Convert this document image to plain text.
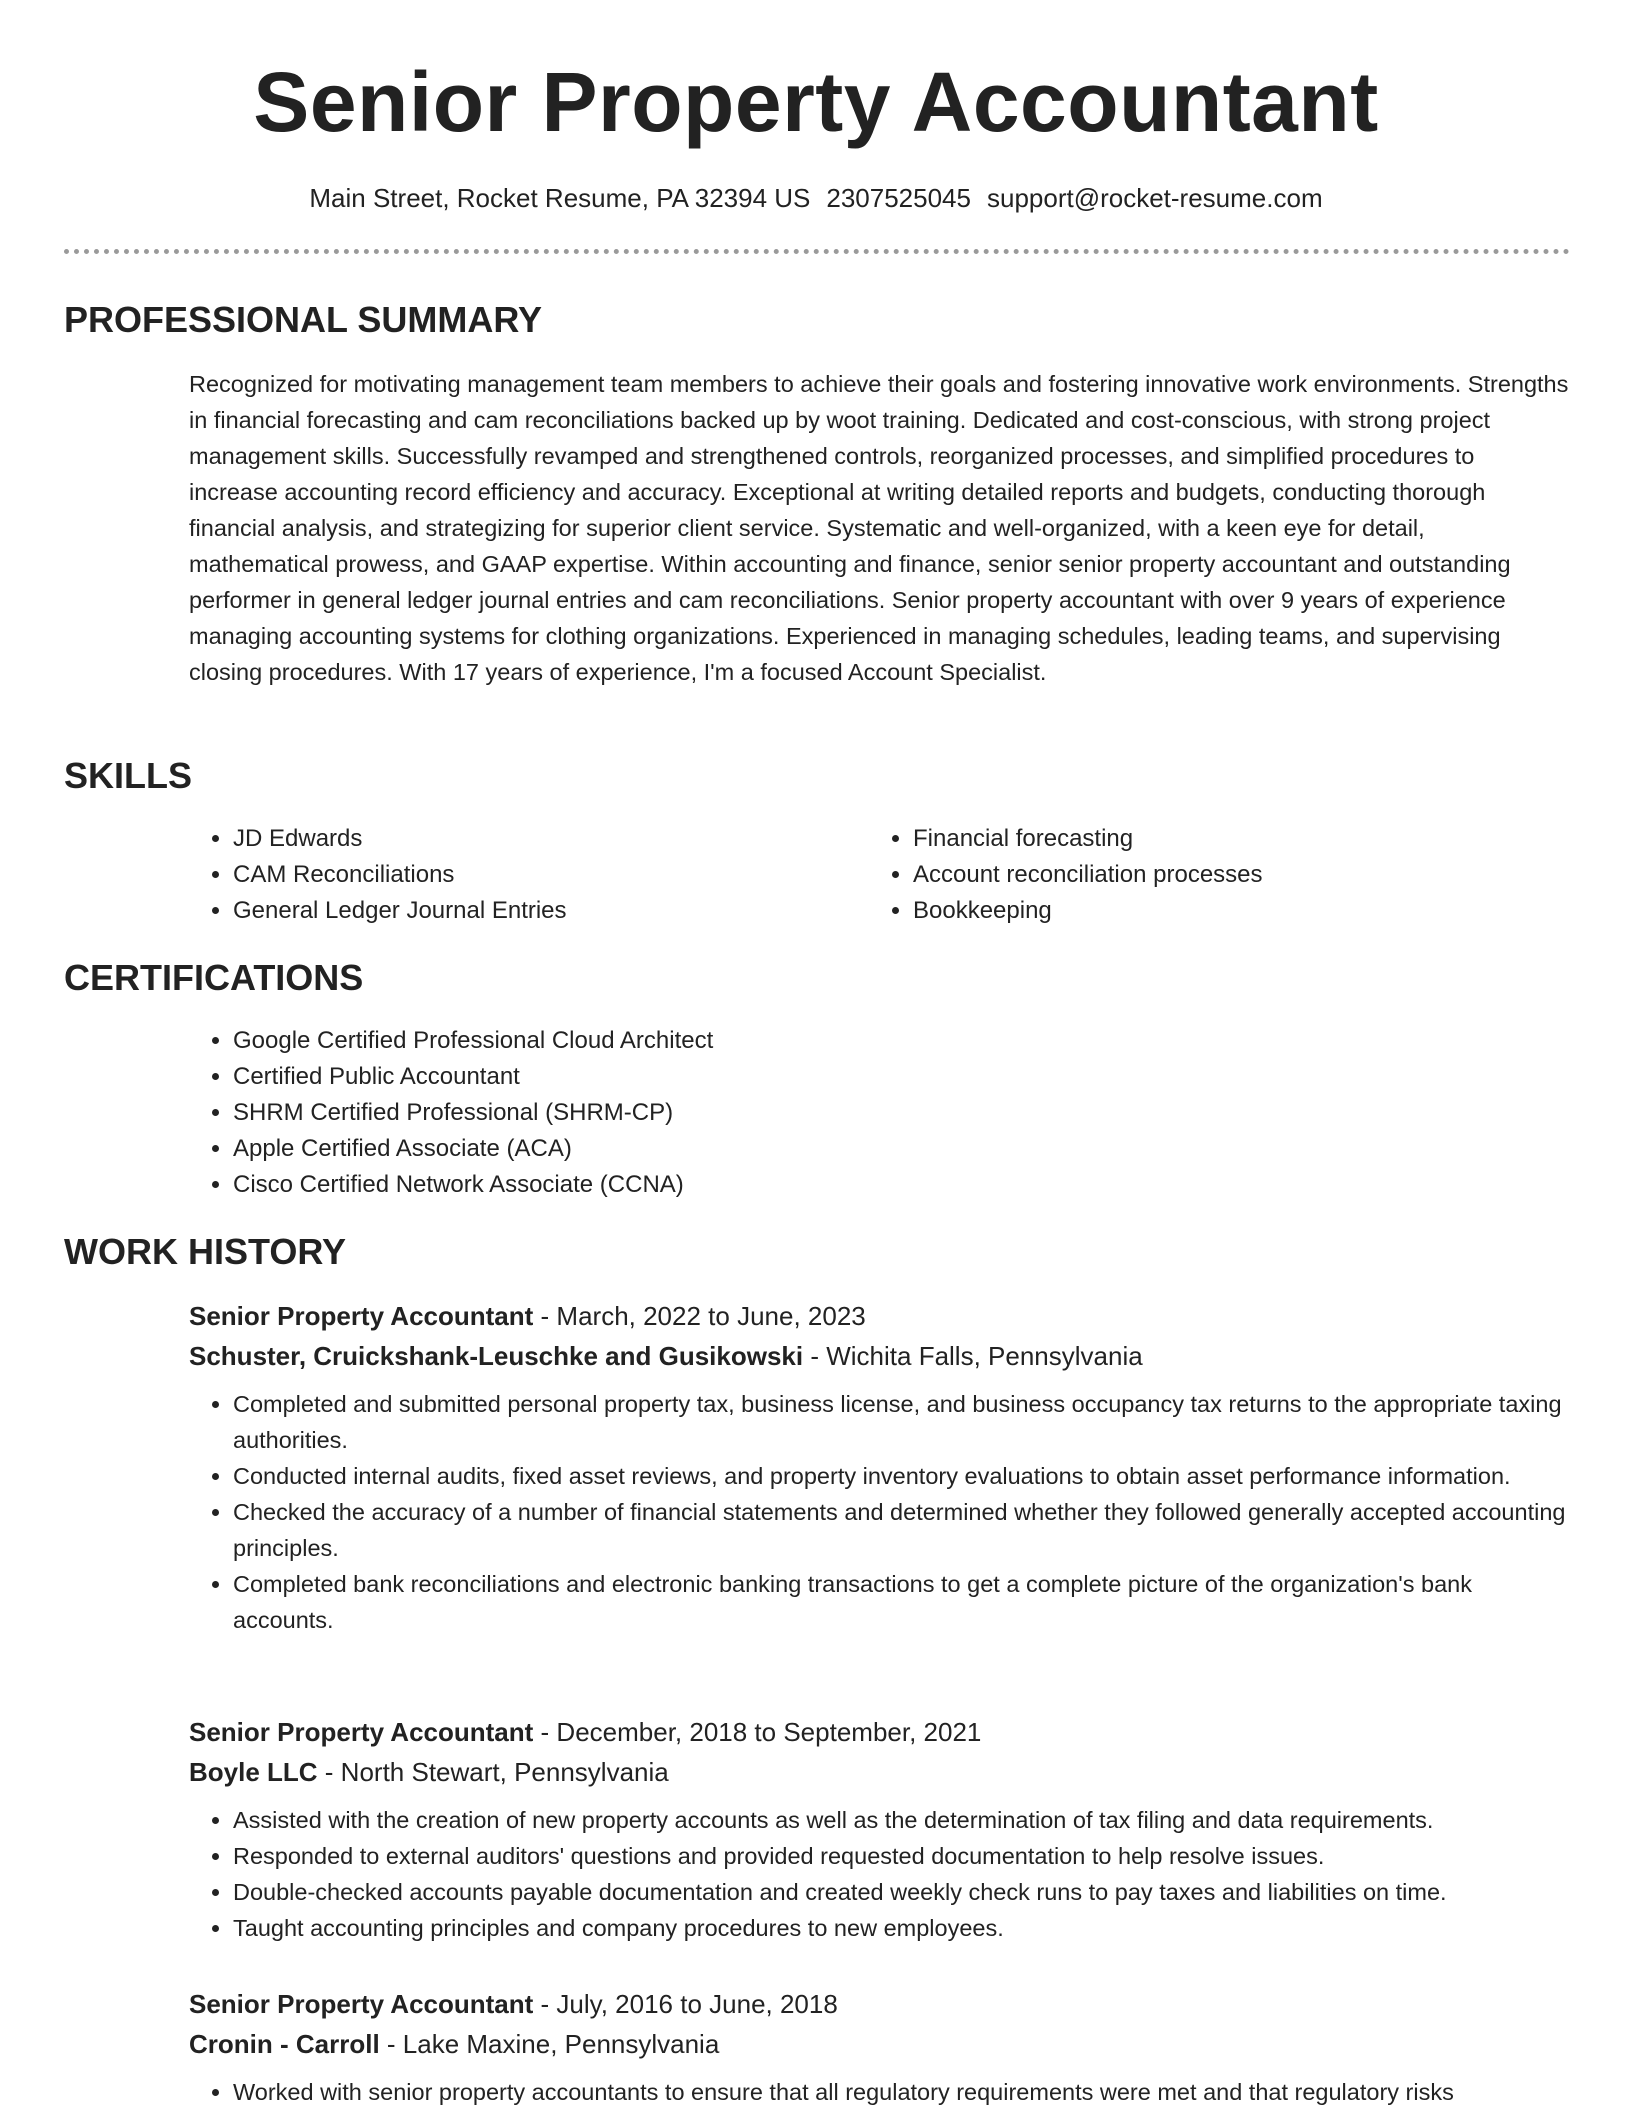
Senior Property Accountant
Main Street, Rocket Resume, PA 32394 US 2307525045 support@rocket-resume.com
PROFESSIONAL SUMMARY

Recognized for motivating management team members to achieve their goals and fostering innovative work environments. Strengths in financial forecasting and cam reconciliations backed up by woot training. Dedicated and cost-conscious, with strong project management skills. Successfully revamped and strengthened controls, reorganized processes, and simplified procedures to increase accounting record efficiency and accuracy. Exceptional at writing detailed reports and budgets, conducting thorough financial analysis, and strategizing for superior client service. Systematic and well-organized, with a keen eye for detail, mathematical prowess, and GAAP expertise. Within accounting and finance, senior senior property accountant and outstanding performer in general ledger journal entries and cam reconciliations. Senior property accountant with over 9 years of experience managing accounting systems for clothing organizations. Experienced in managing schedules, leading teams, and supervising closing procedures. With 17 years of experience, I'm a focused Account Specialist.

SKILLS
• JD Edwards
• CAM Reconciliations
• General Ledger Journal Entries
• Financial forecasting
• Account reconciliation processes
• Bookkeeping
CERTIFICATIONS
• Google Certified Professional Cloud Architect
• Certified Public Accountant
• SHRM Certified Professional (SHRM-CP)
• Apple Certified Associate (ACA)
• Cisco Certified Network Associate (CCNA)
WORK HISTORY

Senior Property Accountant - March, 2022 to June, 2023

Schuster, Cruickshank-Leuschke and Gusikowski - Wichita Falls, Pennsylvania

• Completed and submitted personal property tax, business license, and business occupancy tax returns to the appropriate taxing authorities.
• Conducted internal audits, fixed asset reviews, and property inventory evaluations to obtain asset performance information.
• Checked the accuracy of a number of financial statements and determined whether they followed generally accepted accounting principles.
• Completed bank reconciliations and electronic banking transactions to get a complete picture of the organization's bank accounts.

Senior Property Accountant - December, 2018 to September, 2021

Boyle LLC - North Stewart, Pennsylvania

• Assisted with the creation of new property accounts as well as the determination of tax filing and data requirements.
• Responded to external auditors' questions and provided requested documentation to help resolve issues.
• Double-checked accounts payable documentation and created weekly check runs to pay taxes and liabilities on time.
• Taught accounting principles and company procedures to new employees.

Senior Property Accountant - July, 2016 to June, 2018

Cronin - Carroll - Lake Maxine, Pennsylvania

• Worked with senior property accountants to ensure that all regulatory requirements were met and that regulatory risks
